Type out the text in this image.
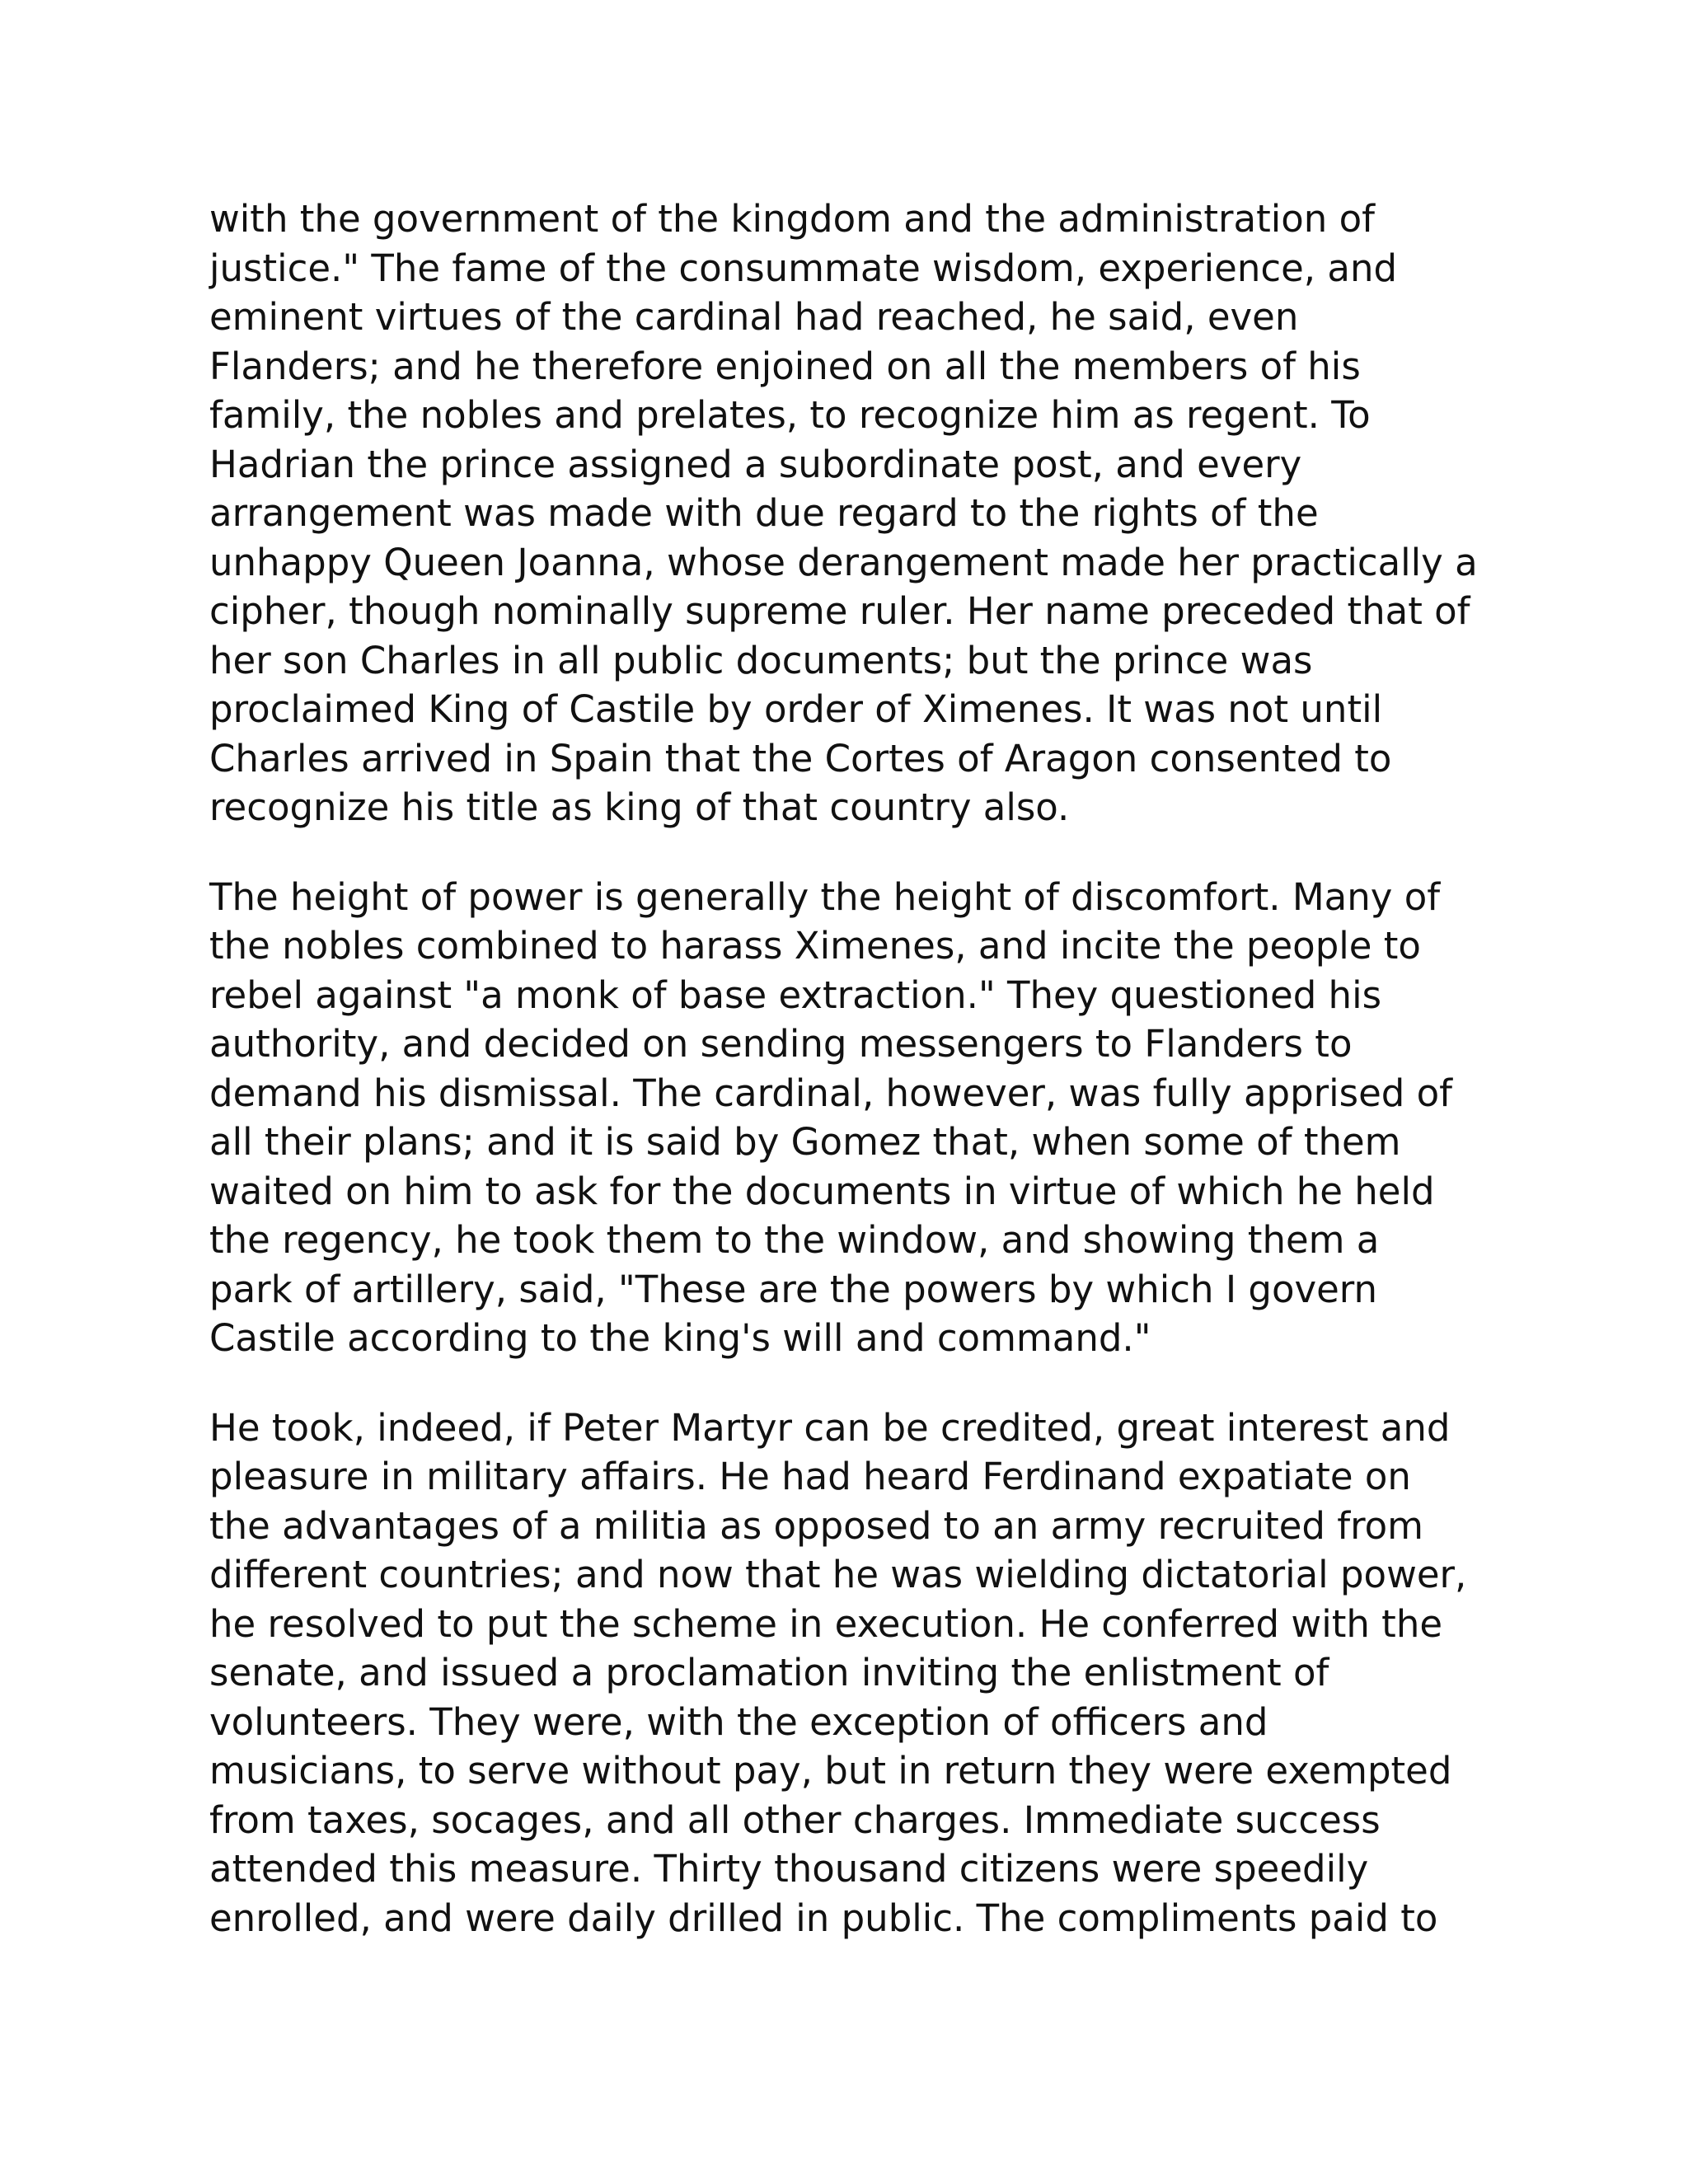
with the government of the kingdom and the administration of
justice." The fame of the consummate wisdom, experience, and
eminent virtues of the cardinal had reached, he said, even
Flanders; and he therefore enjoined on all the members of his
family, the nobles and prelates, to recognize him as regent. To
Hadrian the prince assigned a subordinate post, and every
arrangement was made with due regard to the rights of the
unhappy Queen Joanna, whose derangement made her practically a
cipher, though nominally supreme ruler. Her name preceded that of
her son Charles in all public documents; but the prince was
proclaimed King of Castile by order of Ximenes. It was not until
Charles arrived in Spain that the Cortes of Aragon consented to
recognize his title as king of that country also.
The height of power is generally the height of discomfort. Many of
the nobles combined to harass Ximenes, and incite the people to
rebel against "a monk of base extraction." They questioned his
authority, and decided on sending messengers to Flanders to
demand his dismissal. The cardinal, however, was fully apprised of
all their plans; and it is said by Gomez that, when some of them
waited on him to ask for the documents in virtue of which he held
the regency, he took them to the window, and showing them a
park of artillery, said, "These are the powers by which I govern
Castile according to the king's will and command."
He took, indeed, if Peter Martyr can be credited, great interest and
pleasure in military affairs. He had heard Ferdinand expatiate on
the advantages of a militia as opposed to an army recruited from
different countries; and now that he was wielding dictatorial power,
he resolved to put the scheme in execution. He conferred with the
senate, and issued a proclamation inviting the enlistment of
volunteers. They were, with the exception of officers and
musicians, to serve without pay, but in return they were exempted
from taxes, socages, and all other charges. Immediate success
attended this measure. Thirty thousand citizens were speedily
enrolled, and were daily drilled in public. The compliments paid to
